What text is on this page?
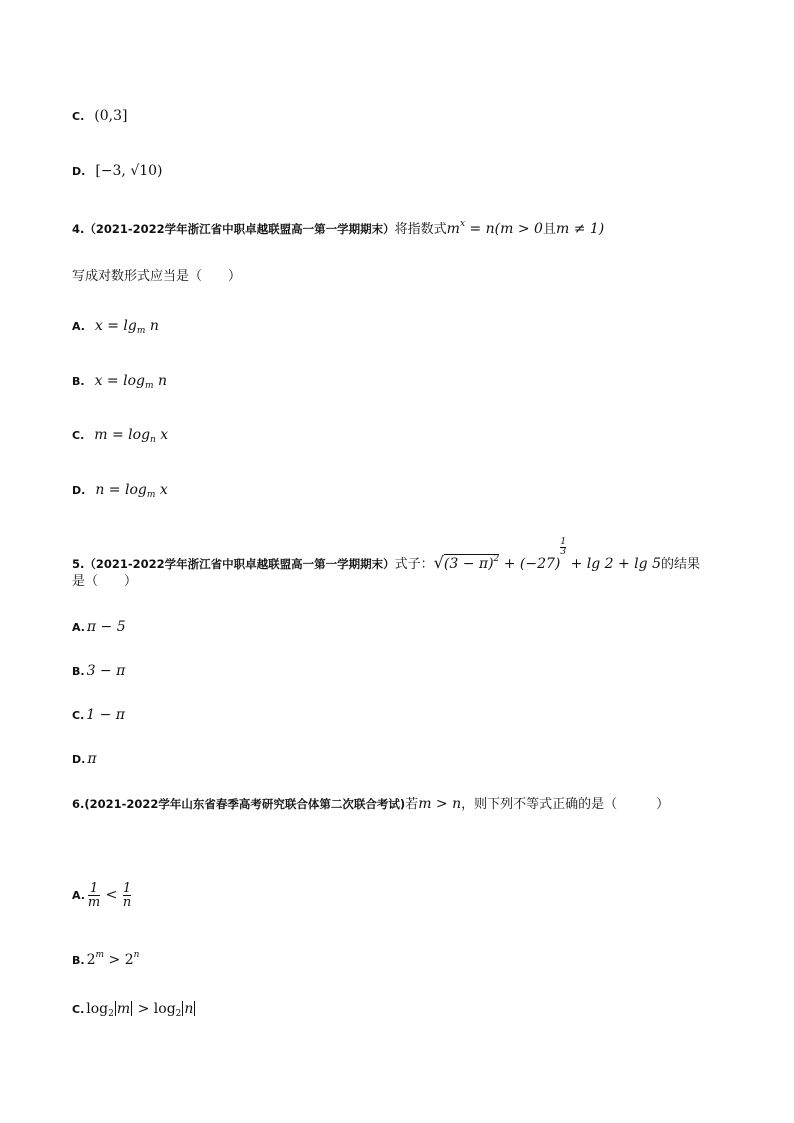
C. (0,3]
D. [−3, √10)
4.（2021-2022学年浙江省中职卓越联盟高一第一学期期末）将指数式$m^x = n(m > 0$且m ≠ 1)
写成对数形式应当是（　　）
A. $x = \lg_m n$
B. $x = \log_m n$
C. $m = \log_n x$
D. $n = \log_m x$
5.（2021-2022学年浙江省中职卓越联盟高一第一学期期末）式子：$√(3 - \pi)^2 + (-27)$
$\frac{1}{3}$
+ lg 2 + lg 5的结果
是（　　）
A. π − 5
B. 3 − π
C. 1 − π
D. π
6.(2021-2022学年山东省春季高考研究联合体第二次联合考试)若m > n，则下列不等式正确的是（　　　）
A. $\frac{1}{m} < \frac{1}{n}$
B. $2^m > 2^n$
C. $\log_2 m > \log_2 n$
